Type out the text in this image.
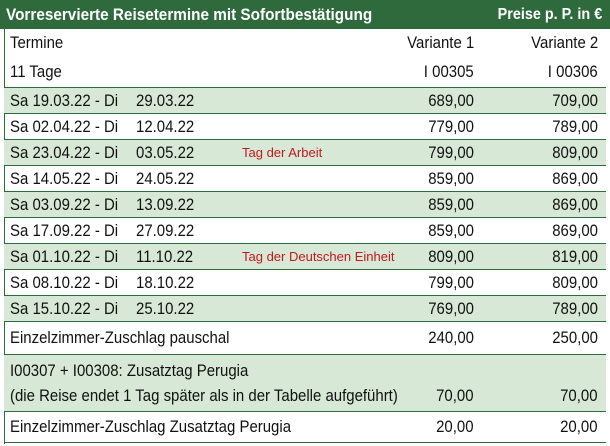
Vorreservierte Reisetermine mit Sofortbestätigung	Preise p. P. in €
Termine	Variante 1	Variante 2
11 Tage	I 00305	I 00306
Sa 19.03.22 - Di	29.03.22	689,00	709,00
Sa 02.04.22 - Di	12.04.22	779,00	789,00
Sa 23.04.22 - Di	03.05.22	Tag der Arbeit	799,00	809,00
Sa 14.05.22 - Di	24.05.22	859,00	869,00
Sa 03.09.22 - Di	13.09.22	859,00	869,00
Sa 17.09.22 - Di	27.09.22	859,00	869,00
Sa 01.10.22 - Di	11.10.22	Tag der Deutschen Einheit	809,00	819,00
Sa 08.10.22 - Di	18.10.22	799,00	809,00
Sa 15.10.22 - Di	25.10.22	769,00	789,00
Einzelzimmer-Zuschlag pauschal	240,00	250,00
I00307 + I00308: Zusatztag Perugia
(die Reise endet 1 Tag später als in der Tabelle aufgeführt)	70,00	70,00
Einzelzimmer-Zuschlag Zusatztag Perugia	20,00	20,00
